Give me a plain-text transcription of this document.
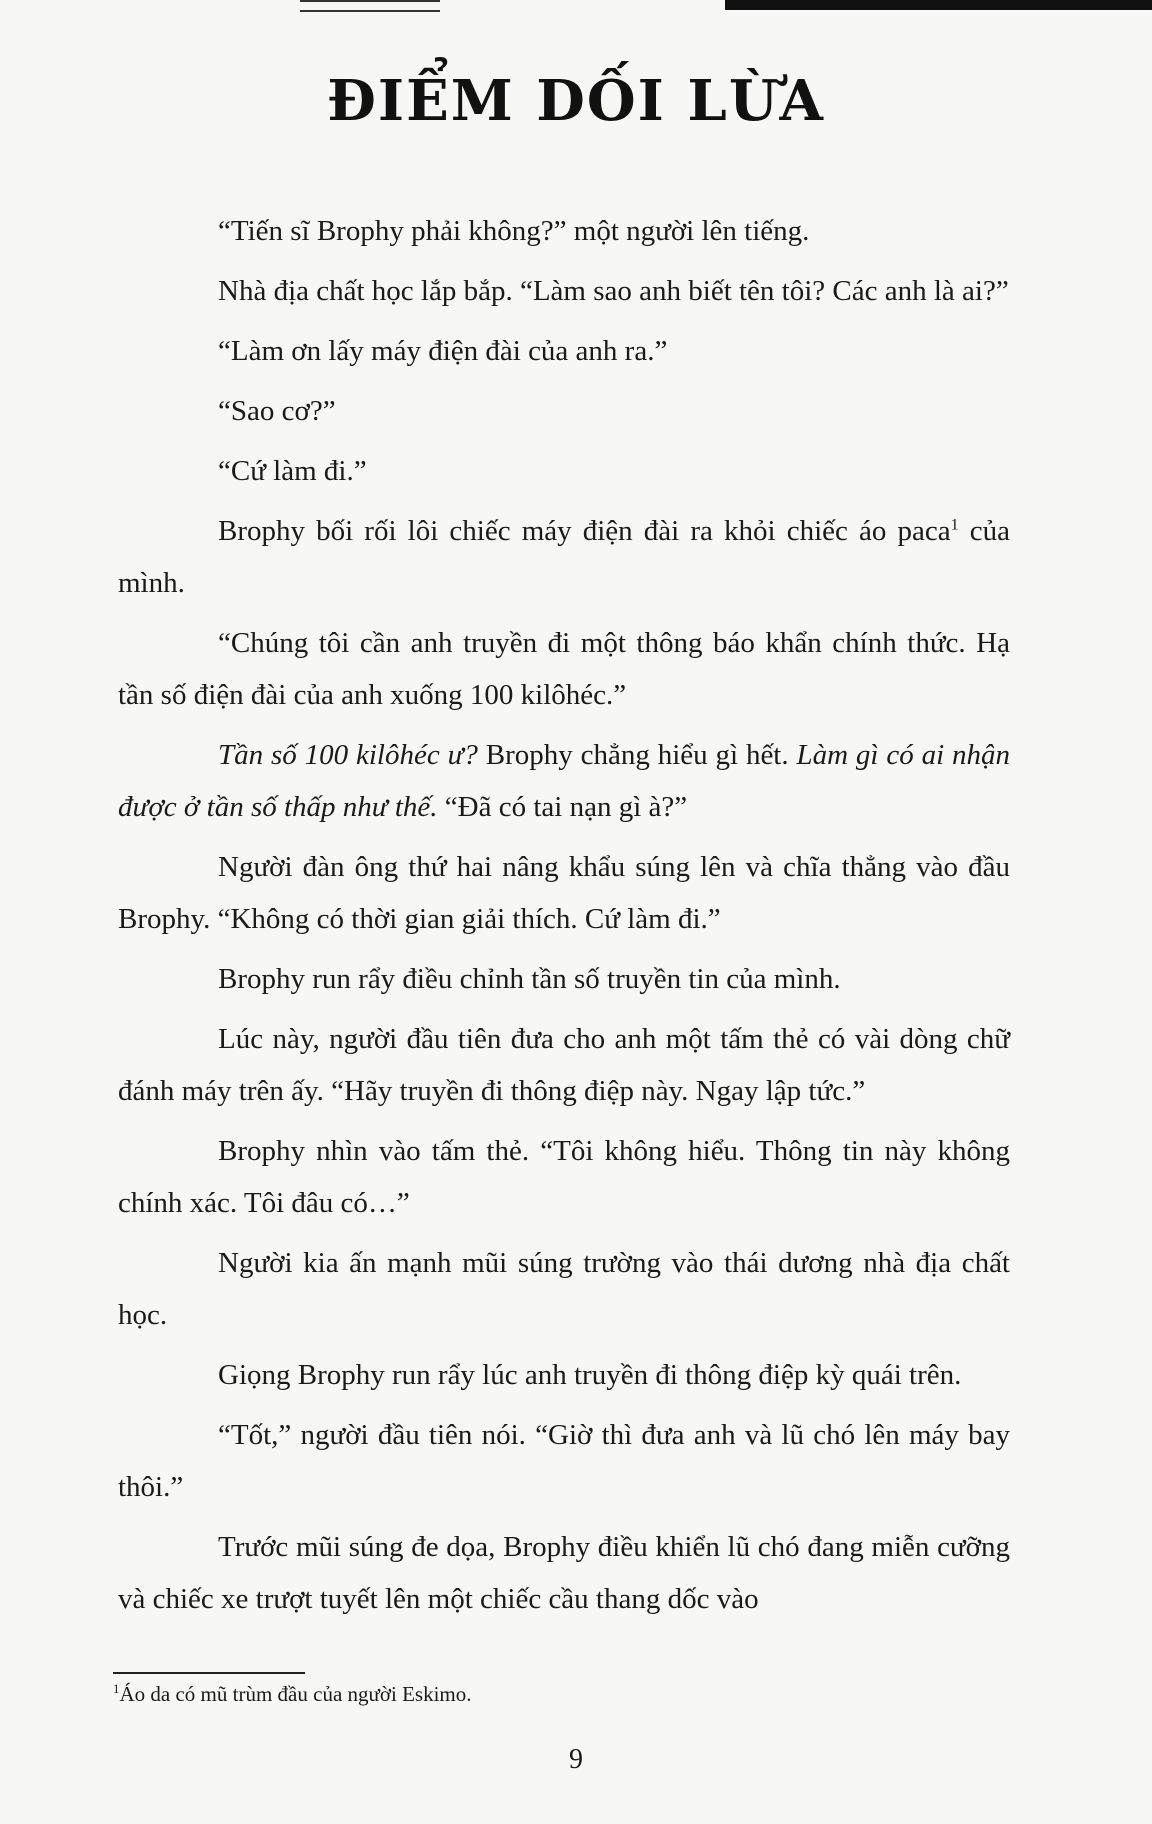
ĐIỂM DỐI LỪA

“Tiến sĩ Brophy phải không?” một người lên tiếng.

Nhà địa chất học lắp bắp. “Làm sao anh biết tên tôi? Các anh là ai?”

“Làm ơn lấy máy điện đài của anh ra.”

“Sao cơ?”

“Cứ làm đi.”

Brophy bối rối lôi chiếc máy điện đài ra khỏi chiếc áo paca$^1$ của mình.

“Chúng tôi cần anh truyền đi một thông báo khẩn chính thức. Hạ tần số điện đài của anh xuống 100 kilôhéc.”

Tần số 100 kilôhéc ư? Brophy chẳng hiểu gì hết. Làm gì có ai nhận được ở tần số thấp như thế. “Đã có tai nạn gì à?”

Người đàn ông thứ hai nâng khẩu súng lên và chĩa thẳng vào đầu Brophy. “Không có thời gian giải thích. Cứ làm đi.”

Brophy run rẩy điều chỉnh tần số truyền tin của mình.

Lúc này, người đầu tiên đưa cho anh một tấm thẻ có vài dòng chữ đánh máy trên ấy. “Hãy truyền đi thông điệp này. Ngay lập tức.”

Brophy nhìn vào tấm thẻ. “Tôi không hiểu. Thông tin này không chính xác. Tôi đâu có…”

Người kia ấn mạnh mũi súng trường vào thái dương nhà địa chất học.

Giọng Brophy run rẩy lúc anh truyền đi thông điệp kỳ quái trên.

“Tốt,” người đầu tiên nói. “Giờ thì đưa anh và lũ chó lên máy bay thôi.”

Trước mũi súng đe dọa, Brophy điều khiển lũ chó đang miễn cưỡng và chiếc xe trượt tuyết lên một chiếc cầu thang dốc vào

$^1$Áo da có mũ trùm đầu của người Eskimo.
9
